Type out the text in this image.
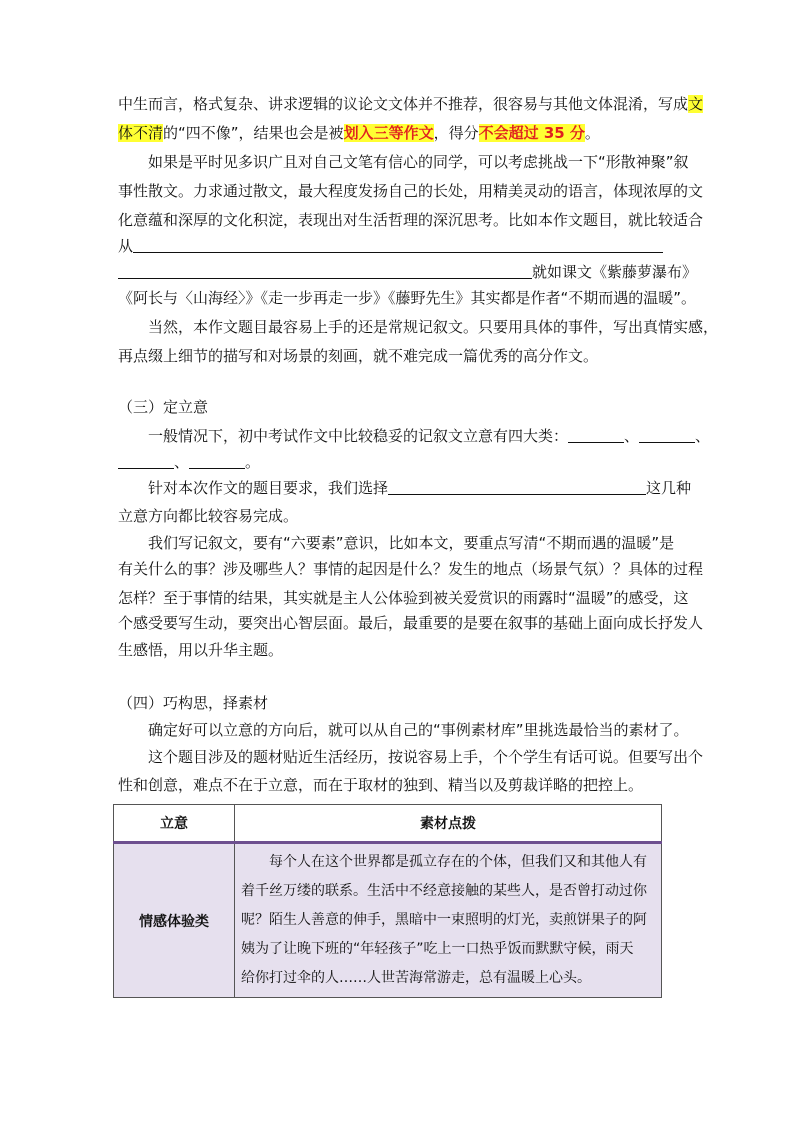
中生而言，格式复杂、讲求逻辑的议论文文体并不推荐，很容易与其他文体混淆，写成文
体不清的“四不像”，结果也会是被划入三等作文，得分不会超过 35 分。
如果是平时见多识广且对自己文笔有信心的同学，可以考虑挑战一下“形散神聚”叙
事性散文。力求通过散文，最大程度发扬自己的长处，用精美灵动的语言，体现浓厚的文
化意蕴和深厚的文化积淀，表现出对生活哲理的深沉思考。比如本作文题目，就比较适合
从
就如课文《紫藤萝瀑布》
《阿长与〈山海经〉》《走一步再走一步》《藤野先生》其实都是作者“不期而遇的温暖”。
当然，本作文题目最容易上手的还是常规记叙文。只要用具体的事件，写出真情实感，
再点缀上细节的描写和对场景的刻画，就不难完成一篇优秀的高分作文。
（三）定立意
一般情况下，初中考试作文中比较稳妥的记叙文立意有四大类：	、	、
、	。
针对本次作文的题目要求，我们选择	这几种
立意方向都比较容易完成。
我们写记叙文，要有“六要素”意识，比如本文，要重点写清“不期而遇的温暖”是
有关什么的事？涉及哪些人？事情的起因是什么？发生的地点（场景气氛）？具体的过程
怎样？至于事情的结果，其实就是主人公体验到被关爱赏识的雨露时“温暖”的感受，这
个感受要写生动，要突出心智层面。最后，最重要的是要在叙事的基础上面向成长抒发人
生感悟，用以升华主题。
（四）巧构思，择素材
确定好可以立意的方向后，就可以从自己的“事例素材库”里挑选最恰当的素材了。
这个题目涉及的题材贴近生活经历，按说容易上手，个个学生有话可说。但要写出个
性和创意，难点不在于立意，而在于取材的独到、精当以及剪裁详略的把控上。
立意	素材点拨
情感体验类	每个人在这个世界都是孤立存在的个体，但我们又和其他人有
着千丝万缕的联系。生活中不经意接触的某些人，是否曾打动过你
呢？陌生人善意的伸手，黑暗中一束照明的灯光，卖煎饼果子的阿
姨为了让晚下班的“年轻孩子”吃上一口热乎饭而默默守候，雨天
给你打过伞的人……人世苦海常游走，总有温暖上心头。
